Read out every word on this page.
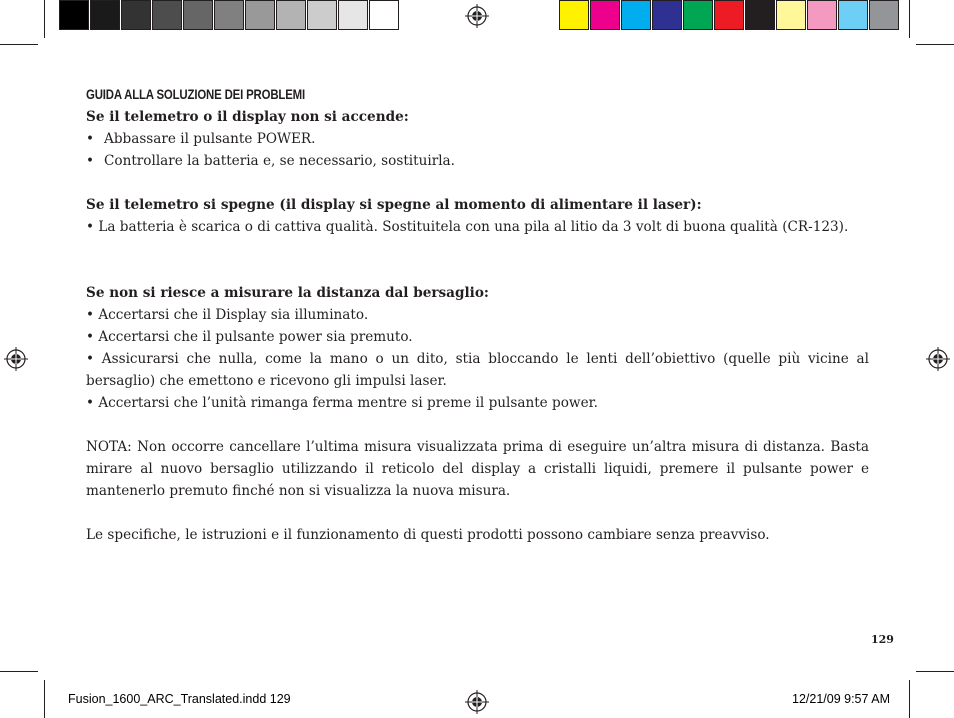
GUIDA ALLA SOLUZIONE DEI PROBLEMI
Se il telemetro o il display non si accende:
• Abbassare il pulsante POWER.
• Controllare la batteria e, se necessario, sostituirla.
Se il telemetro si spegne (il display si spegne al momento di alimentare il laser):

• La batteria è scarica o di cattiva qualità. Sostituitela con una pila al litio da 3 volt di buona qualità (CR-123).

Se non si riesce a misurare la distanza dal bersaglio:

• Accertarsi che il Display sia illuminato.

• Accertarsi che il pulsante power sia premuto.

• Assicurarsi che nulla, come la mano o un dito, stia bloccando le lenti dell’obiettivo (quelle più vicine al bersaglio) che emettono e ricevono gli impulsi laser.

• Accertarsi che l’unità rimanga ferma mentre si preme il pulsante power.

NOTA: Non occorre cancellare l’ultima misura visualizzata prima di eseguire un’altra misura di distanza. Basta mirare al nuovo bersaglio utilizzando il reticolo del display a cristalli liquidi, premere il pulsante power e mantenerlo premuto finché non si visualizza la nuova misura.

Le specifiche, le istruzioni e il funzionamento di questi prodotti possono cambiare senza preavviso.

129
Fusion_1600_ARC_Translated.indd 129	12/21/09 9:57 AM
